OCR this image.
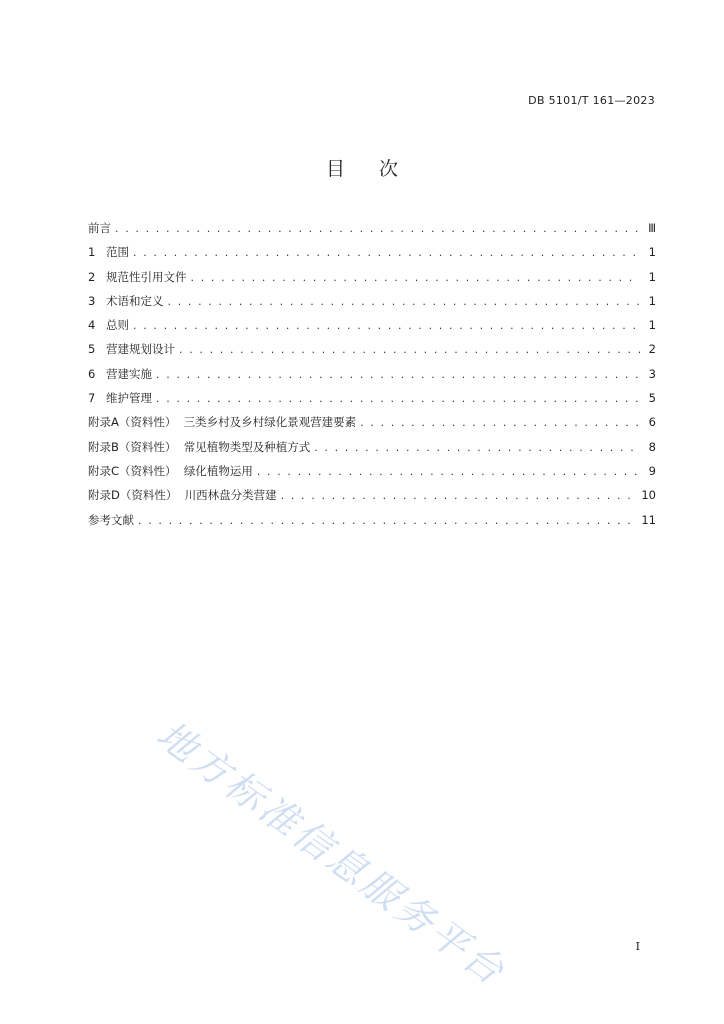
DB 5101/T 161—2023
目 次
前言 . . .	Ⅲ
1 范围 . . .	1
2 规范性引用文件 . . .	1
3 术语和定义 . . .	1
4 总则 . . .	1
5 营建规划设计 . . .	2
6 营建实施 . . .	3
7 维护管理 . . .	5
附录A（资料性）  三类乡村及乡村绿化景观营建要素 . . .	6
附录B（资料性）  常见植物类型及种植方式 . . .	8
附录C（资料性）  绿化植物运用 . . .	9
附录D（资料性）  川西林盘分类营建 . . .	10
参考文献 . . .	11
地方标准信息服务平台	I
